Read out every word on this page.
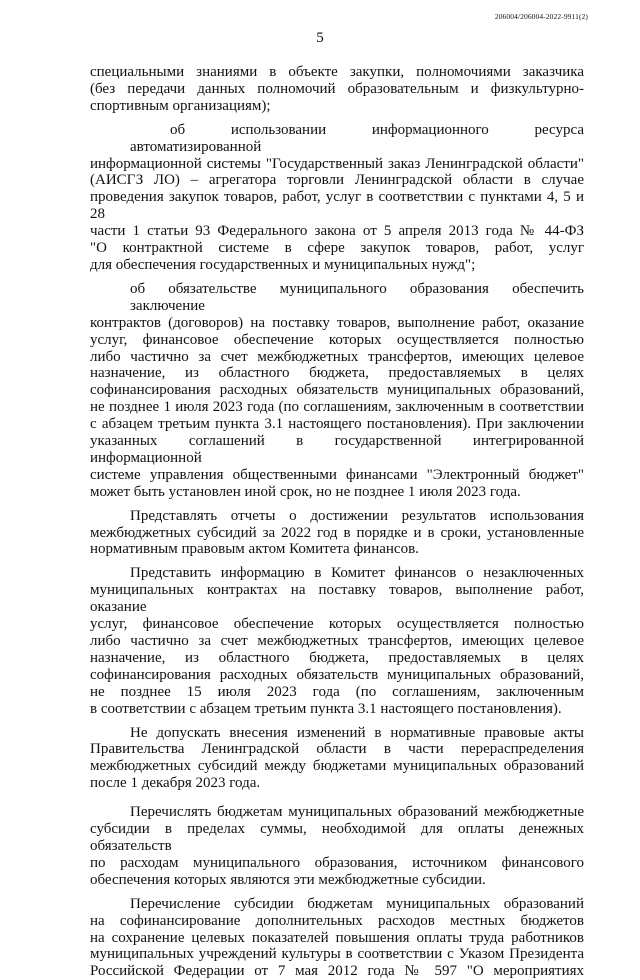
206004/206004-2022-9911(2)
5
специальными знаниями в объекте закупки, полномочиями заказчика
(без передачи данных полномочий образовательным и физкультурно-
спортивным организациям);
об использовании информационного ресурса автоматизированной
информационной системы "Государственный заказ Ленинградской области"
(АИСГЗ ЛО) – агрегатора торговли Ленинградской области в случае
проведения закупок товаров, работ, услуг в соответствии с пунктами 4, 5 и 28
части 1 статьи 93 Федерального закона от 5 апреля 2013 года № 44-ФЗ
"О контрактной системе в сфере закупок товаров, работ, услуг
для обеспечения государственных и муниципальных нужд";
об обязательстве муниципального образования обеспечить заключение
контрактов (договоров) на поставку товаров, выполнение работ, оказание
услуг, финансовое обеспечение которых осуществляется полностью
либо частично за счет межбюджетных трансфертов, имеющих целевое
назначение, из областного бюджета, предоставляемых в целях
софинансирования расходных обязательств муниципальных образований,
не позднее 1 июля 2023 года (по соглашениям, заключенным в соответствии
с абзацем третьим пункта 3.1 настоящего постановления). При заключении
указанных соглашений в государственной интегрированной информационной
системе управления общественными финансами "Электронный бюджет"
может быть установлен иной срок, но не позднее 1 июля 2023 года.
Представлять отчеты о достижении результатов использования
межбюджетных субсидий за 2022 год в порядке и в сроки, установленные
нормативным правовым актом Комитета финансов.
Представить информацию в Комитет финансов о незаключенных
муниципальных контрактах на поставку товаров, выполнение работ, оказание
услуг, финансовое обеспечение которых осуществляется полностью
либо частично за счет межбюджетных трансфертов, имеющих целевое
назначение, из областного бюджета, предоставляемых в целях
софинансирования расходных обязательств муниципальных образований,
не позднее 15 июля 2023 года (по соглашениям, заключенным
в соответствии с абзацем третьим пункта 3.1 настоящего постановления).
Не допускать внесения изменений в нормативные правовые акты
Правительства Ленинградской области в части перераспределения
межбюджетных субсидий между бюджетами муниципальных образований
после 1 декабря 2023 года.
Перечислять бюджетам муниципальных образований межбюджетные
субсидии в пределах суммы, необходимой для оплаты денежных обязательств
по расходам муниципального образования, источником финансового
обеспечения которых являются эти межбюджетные субсидии.
Перечисление субсидии бюджетам муниципальных образований
на софинансирование дополнительных расходов местных бюджетов
на сохранение целевых показателей повышения оплаты труда работников
муниципальных учреждений культуры в соответствии с Указом Президента
Российской Федерации от 7 мая 2012 года № 597 "О мероприятиях
